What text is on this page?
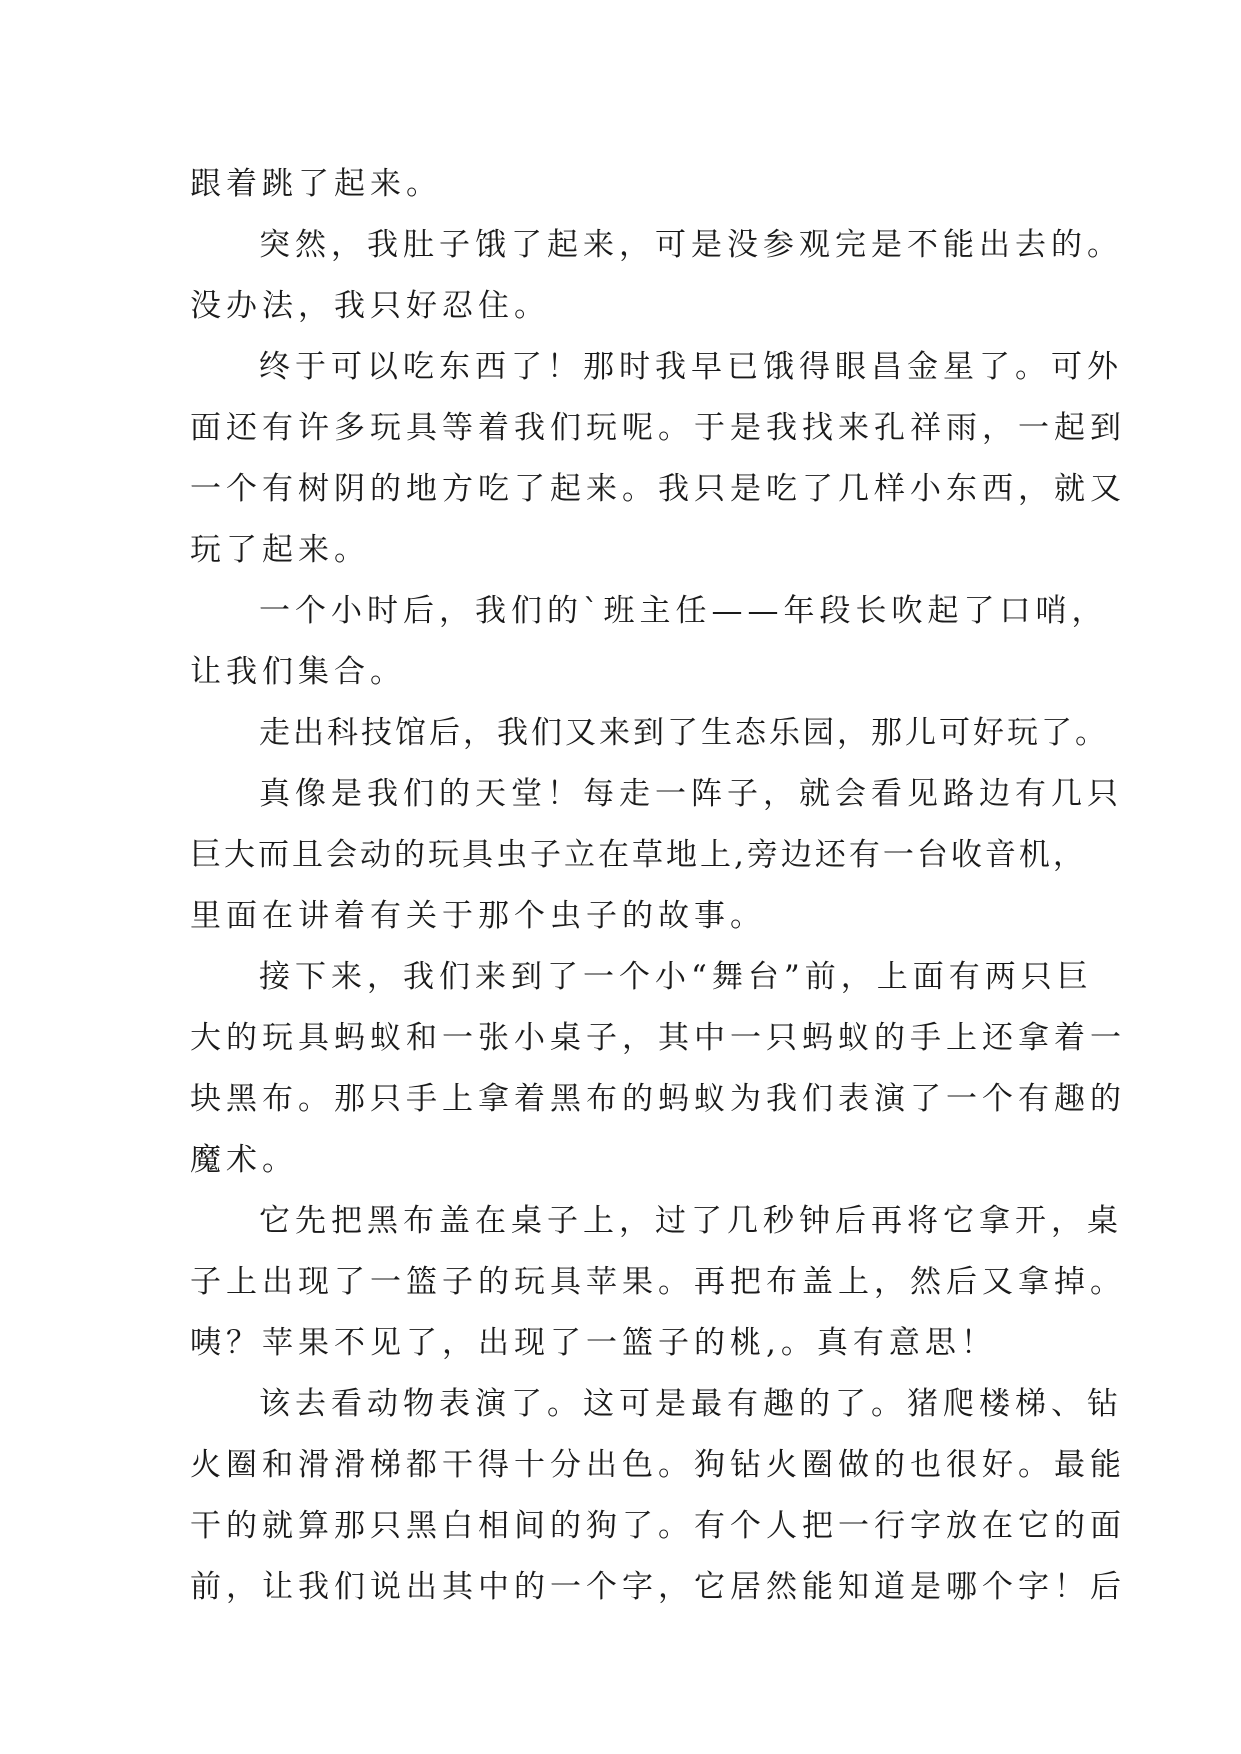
跟着跳了起来。
突然，我肚子饿了起来，可是没参观完是不能出去的。
没办法，我只好忍住。
终于可以吃东西了！那时我早已饿得眼昌金星了。可外
面还有许多玩具等着我们玩呢。于是我找来孔祥雨，一起到
一个有树阴的地方吃了起来。我只是吃了几样小东西，就又
玩了起来。
一个小时后，我们的`班主任——年段长吹起了口哨，
让我们集合。
走出科技馆后，我们又来到了生态乐园，那儿可好玩了。
真像是我们的天堂！每走一阵子，就会看见路边有几只
巨大而且会动的玩具虫子立在草地上,旁边还有一台收音机，
里面在讲着有关于那个虫子的故事。
接下来，我们来到了一个小“舞台”前，上面有两只巨
大的玩具蚂蚁和一张小桌子，其中一只蚂蚁的手上还拿着一
块黑布。那只手上拿着黑布的蚂蚁为我们表演了一个有趣的
魔术。
它先把黑布盖在桌子上，过了几秒钟后再将它拿开，桌
子上出现了一篮子的玩具苹果。再把布盖上，然后又拿掉。
咦？苹果不见了，出现了一篮子的桃,。真有意思！
该去看动物表演了。这可是最有趣的了。猪爬楼梯、钻
火圈和滑滑梯都干得十分出色。狗钻火圈做的也很好。最能
干的就算那只黑白相间的狗了。有个人把一行字放在它的面
前，让我们说出其中的一个字，它居然能知道是哪个字！后
